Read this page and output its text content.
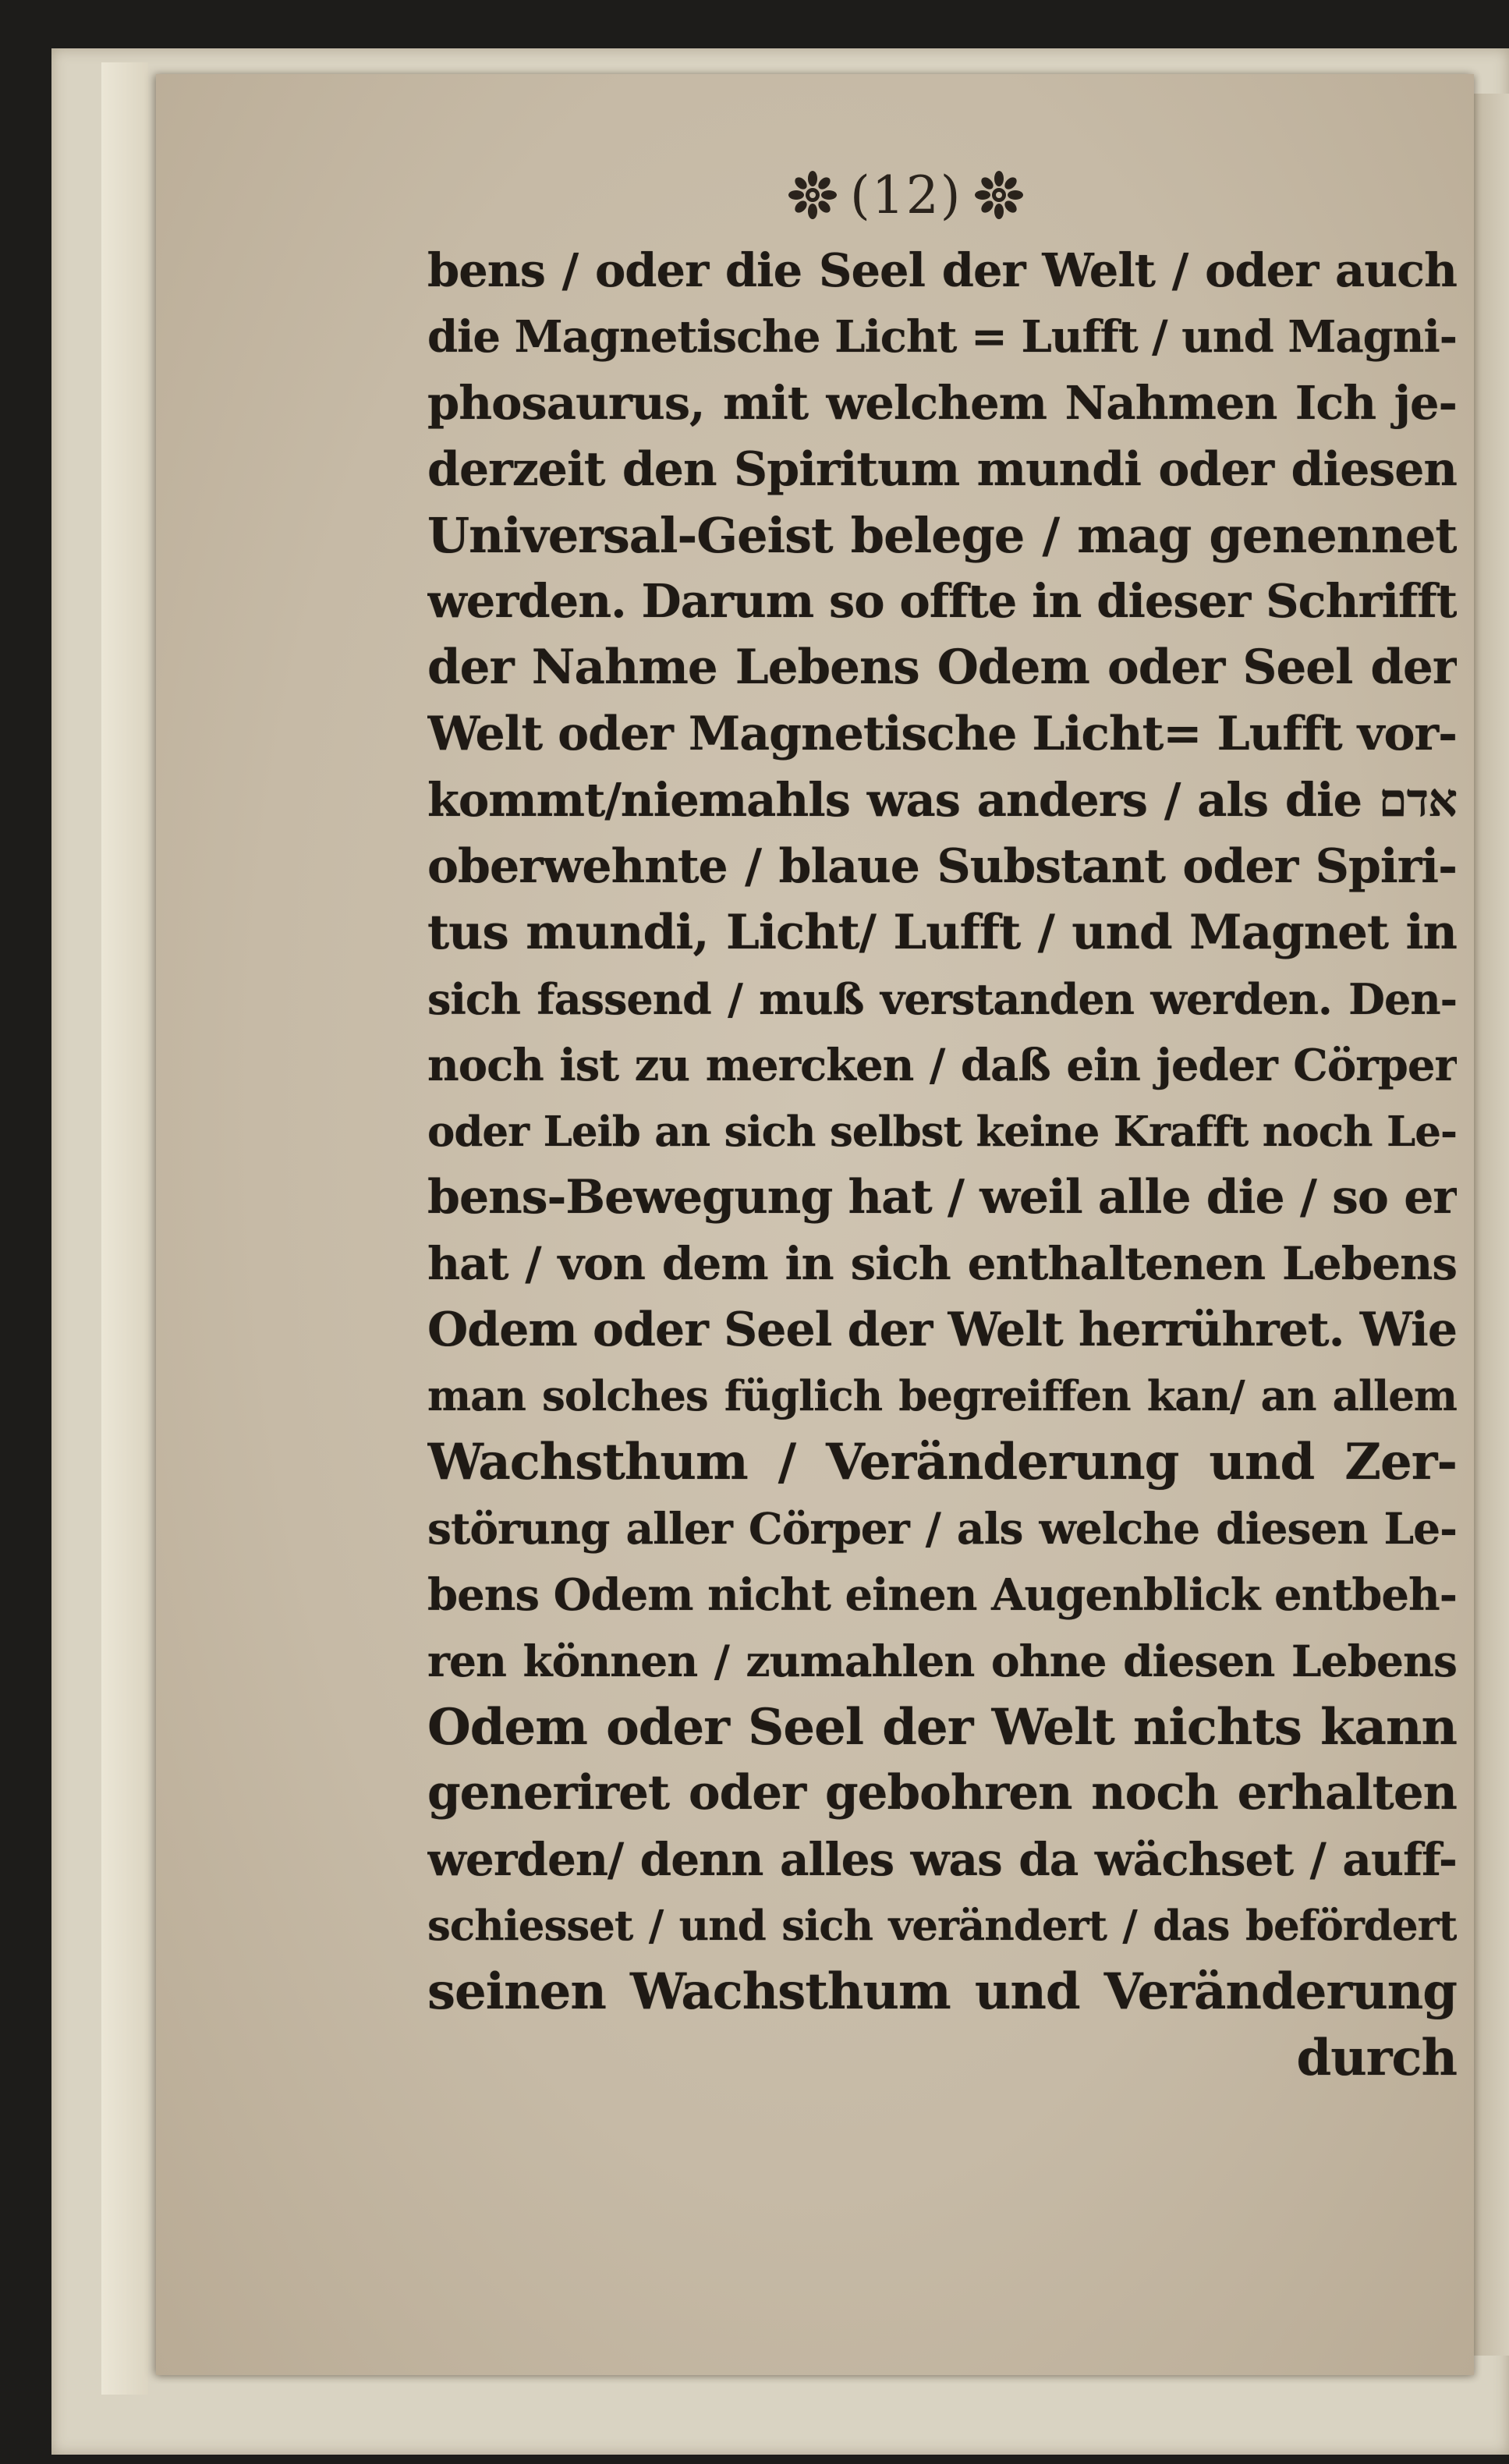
(12)
bens / oder die Seel der Welt / oder auch
die Magnetische Licht = Lufft / und Magni-
phosaurus, mit welchem Nahmen Ich je-
derzeit den Spiritum mundi oder diesen
Universal-Geist belege / mag genennet
werden. Darum so offte in dieser Schrifft
der Nahme Lebens Odem oder Seel der
Welt oder Magnetische Licht= Lufft vor-
kommt/niemahls was anders / als die אדם
oberwehnte / blaue Substant oder Spiri-
tus mundi, Licht/ Lufft / und Magnet in
sich fassend / muß verstanden werden. Den-
noch ist zu mercken / daß ein jeder Cörper
oder Leib an sich selbst keine Krafft noch Le-
bens-Bewegung hat / weil alle die / so er
hat / von dem in sich enthaltenen Lebens
Odem oder Seel der Welt herrühret. Wie
man solches füglich begreiffen kan/ an allem
Wachsthum / Veränderung und Zer-
störung aller Cörper / als welche diesen Le-
bens Odem nicht einen Augenblick entbeh-
ren können / zumahlen ohne diesen Lebens
Odem oder Seel der Welt nichts kann
generiret oder gebohren noch erhalten
werden/ denn alles was da wächset / auff-
schiesset / und sich verändert / das befördert
seinen Wachsthum und Veränderung
durch
